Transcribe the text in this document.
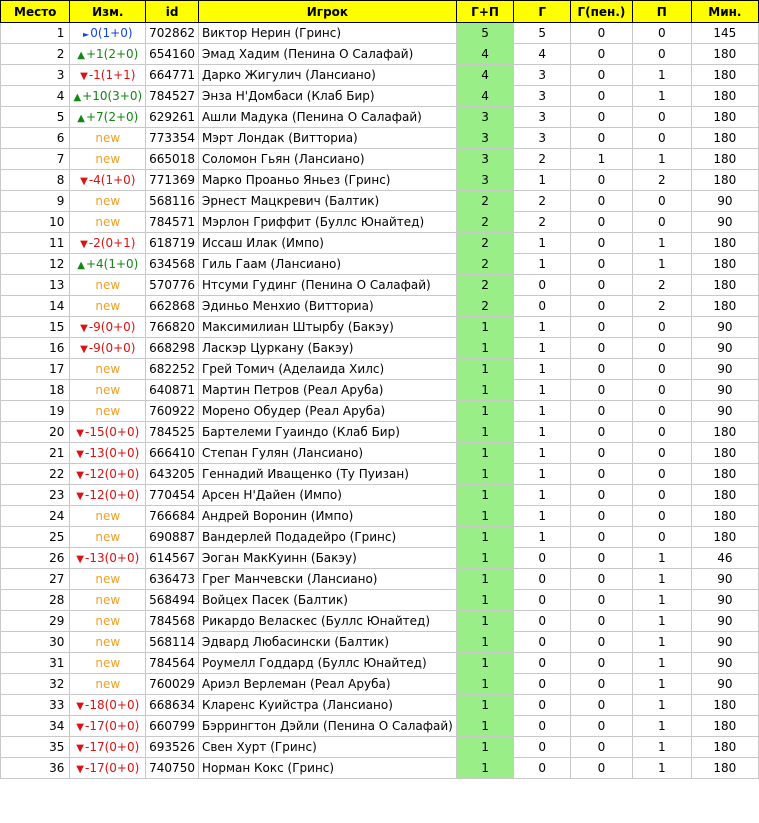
Место	Изм.	id	Игрок	Г+П	Г	Г(пен.)	П	Мин.
1	►0(1+0)	702862	Виктор Нерин (Гринс)	5	5	0	0	145
2	▲+1(2+0)	654160	Эмад Хадим (Пенина О Салафай)	4	4	0	0	180
3	▼-1(1+1)	664771	Дарко Жигулич (Лансиано)	4	3	0	1	180
4	▲+10(3+0)	784527	Энза Н'Домбаси (Клаб Бир)	4	3	0	1	180
5	▲+7(2+0)	629261	Ашли Мадука (Пенина О Салафай)	3	3	0	0	180
6	new	773354	Мэрт Лондак (Витториа)	3	3	0	0	180
7	new	665018	Соломон Гьян (Лансиано)	3	2	1	1	180
8	▼-4(1+0)	771369	Марко Проаньо Яньез (Гринс)	3	1	0	2	180
9	new	568116	Эрнест Мацкревич (Балтик)	2	2	0	0	90
10	new	784571	Мэрлон Гриффит (Буллс Юнайтед)	2	2	0	0	90
11	▼-2(0+1)	618719	Иссаш Илак (Импо)	2	1	0	1	180
12	▲+4(1+0)	634568	Гиль Гаам (Лансиано)	2	1	0	1	180
13	new	570776	Нтсуми Гудинг (Пенина О Салафай)	2	0	0	2	180
14	new	662868	Эдиньо Менхио (Витториа)	2	0	0	2	180
15	▼-9(0+0)	766820	Максимилиан Штырбу (Бакэу)	1	1	0	0	90
16	▼-9(0+0)	668298	Ласкэр Цуркану (Бакэу)	1	1	0	0	90
17	new	682252	Грей Томич (Аделаида Хилс)	1	1	0	0	90
18	new	640871	Мартин Петров (Реал Аруба)	1	1	0	0	90
19	new	760922	Морено Обудер (Реал Аруба)	1	1	0	0	90
20	▼-15(0+0)	784525	Бартелеми Гуаиндо (Клаб Бир)	1	1	0	0	180
21	▼-13(0+0)	666410	Степан Гулян (Лансиано)	1	1	0	0	180
22	▼-12(0+0)	643205	Геннадий Иващенко (Ту Пуизан)	1	1	0	0	180
23	▼-12(0+0)	770454	Арсен Н'Дайен (Импо)	1	1	0	0	180
24	new	766684	Андрей Воронин (Импо)	1	1	0	0	180
25	new	690887	Вандерлей Подадейро (Гринс)	1	1	0	0	180
26	▼-13(0+0)	614567	Эоган МакКуинн (Бакэу)	1	0	0	1	46
27	new	636473	Грег Манчевски (Лансиано)	1	0	0	1	90
28	new	568494	Войцех Пасек (Балтик)	1	0	0	1	90
29	new	784568	Рикардо Веласкес (Буллс Юнайтед)	1	0	0	1	90
30	new	568114	Эдвард Любасински (Балтик)	1	0	0	1	90
31	new	784564	Роумелл Годдард (Буллс Юнайтед)	1	0	0	1	90
32	new	760029	Ариэл Верлеман (Реал Аруба)	1	0	0	1	90
33	▼-18(0+0)	668634	Кларенс Куийстра (Лансиано)	1	0	0	1	180
34	▼-17(0+0)	660799	Бэррингтон Дэйли (Пенина О Салафай)	1	0	0	1	180
35	▼-17(0+0)	693526	Свен Хурт (Гринс)	1	0	0	1	180
36	▼-17(0+0)	740750	Норман Кокс (Гринс)	1	0	0	1	180
